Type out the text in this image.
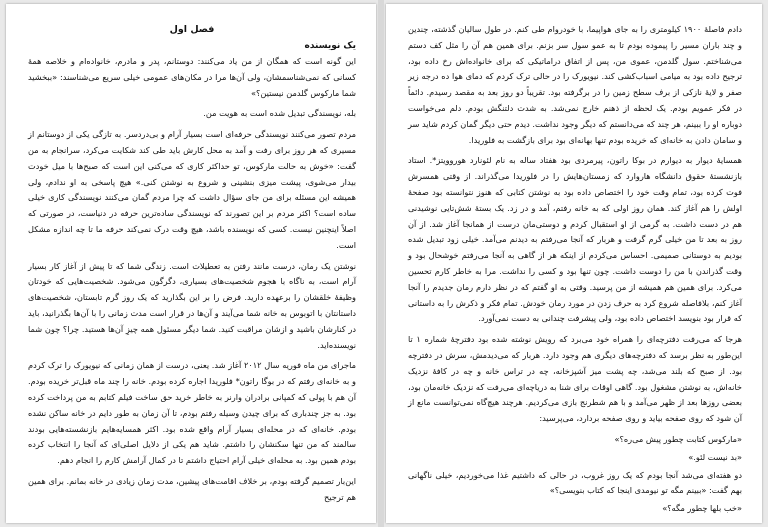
فصل اول
یک نویسنده

این گونه است که همگان از من یاد می‌کنند: دوستانم، پدر و مادرم، خانواده‌ام و خلاصه همهٔ کسانی که نمی‌شناسمشان، ولی آن‌ها مرا در مکان‌های عمومی خیلی سریع می‌شناسند: «ببخشید شما مارکوس گلدمن نیستین؟»

بله، نویسندگی تبدیل شده است به هویت من.

مردم تصور می‌کنند نویسندگی حرفه‌ای است بسیار آرام و بی‌دردسر. به تازگی یکی از دوستانم از مسیری که هر روز برای رفت و آمد به محل کارش باید طی کند شکایت می‌کرد، سرانجام به من گفت: «خوش به حالت مارکوس، تو حداکثر کاری که می‌کنی این است که صبح‌ها با میل خودت بیدار می‌شوی، پیشت میزی بنشینی و شروع به نوشتن کنی.» هیچ پاسخی به او ندادم، ولی همیشه این مسئله برای من جای سؤال داشت که چرا مردم گمان می‌کنند نویسندگی کاری خیلی ساده است؟ اکثر مردم بر این تصورند که نویسندگی ساده‌ترین حرفه در دنیاست، در صورتی که اصلاً اینچنین نیست. کسی که نویسنده باشد، هیچ وقت درک نمی‌کند حرفه ما تا چه اندازه مشکل است.

نوشتن یک رمان، درست مانند رفتن به تعطیلات است. زندگی شما که تا پیش از آغاز کار بسیار آرام است، به ناگاه با هجوم شخصیت‌های بسیاری، دگرگون می‌شود. شخصیت‌هایی که خودتان وظیفهٔ خلقشان را برعهده دارید. فرض را بر این بگذارید که یک روز گرم تابستان، شخصیت‌های داستانتان با اتوبوس به خانه شما می‌آیند و آن‌ها در قرار است مدت زمانی را با آن‌ها بگذرانید، باید در کنارشان باشید و ازشان مراقبت کنید. شما دیگر مسئول همه چیزِ آن‌ها هستید. چرا؟ چون شما نویسنده‌اید.

ماجرای من ماه فوریه سال ۲۰۱۲ آغاز شد. یعنی، درست از همان زمانی که نیویورک را ترک کردم و به خانه‌ای رفتم که در بوگا راتون* فلوریدا اجاره کرده بودم. خانه را چند ماه قبل‌تر خریده بودم. آن هم با پولی که کمپانی برادران وارنر به خاطر خرید حق ساخت فیلم کتابم به من پرداخت کرده بود. به جز چندباری که برای چیدن وسیله رفتم بودم، تا آن زمان به طور دایم در خانه ساکن نشده بودم. خانه‌ای که در محله‌ای بسیار آرام واقع شده بود. اکثر همسایه‌هایم بازنشسته‌هایی بودند سالمند که من تنها سکنشان را داشتم. شاید هم یکی از دلایل اصلی‌ای که آنجا را انتخاب کرده بودم همین بود. به محله‌ای خیلی آرام احتیاج داشتم تا در کمال آرامش کارم را انجام دهم.

این‌بار تصمیم گرفته بودم، بر خلاف اقامت‌های پیشین، مدت زمان زیادی در خانه بمانم. برای همین هم ترجیح

دادم فاصلهٔ ۱۹۰۰ کیلومتری را به جای هواپیما، با خودروام طی کنم. در طول سالیان گذشته، چندین و چند باران مسیر را پیموده بودم تا به عمو سول سر بزنم. برای همین هم آن را مثل کف دستم می‌شناختم. سول گلدمن، عموی من، پس از اتفاق دراماتیکی که برای خانواده‌اش رخ داده بود، ترجیح داده بود به میامی اسباب‌کشی کند. نیویورک را در حالی ترک کردم که دمای هوا ده درجه زیر صفر و لایهٔ نازکی از برف سطح زمین را در برگرفته بود. تقریباً دو روز بعد به مقصد رسیدم. دائماً در فکر عمویم بودم. یک لحظه از ذهنم خارج نمی‌شد. به شدت دلتنگش بودم. دلم می‌خواست دوباره او را ببینم، هر چند که می‌دانستم که دیگر وجود نداشت. دیدم حتی دیگر گمان کردم شاید سر و سامان دادن به خانه‌ای که خریده بودم تنها بهانه‌ای بود برای بازگشت به فلوریدا.

همسایهٔ دیوار به دیوارم در بوکا راتون، پیرمردی بود هفتاد ساله به نام لئونارد هوروویتز*. استاد بازنشستهٔ حقوق دانشگاه هاروارد که زمستان‌هایش را در فلوریدا می‌گذراند. از وقتی همسرش فوت کرده بود، تمام وقت خود را اختصاص داده بود به نوشتن کتابی که هنوز نتوانسته بود صفحهٔ اولش را هم آغاز کند. همان روز اولی که به خانه رفتم، آمد و در زد. یک بستهٔ شش‌تایی نوشیدنی هم در دست داشت. به گرمی از او استقبال کردم و دوستی‌مان درست از همانجا آغاز شد. از آن روز به بعد تا من خیلی گرم گرفت و هربار که آنجا می‌رفتم به دیدنم می‌آمد. خیلی زود تبدیل شده بودیم به دوستانی صمیمی. احساس می‌کردم از اینکه هر از گاهی به آنجا می‌رفتم خوشحال بود و وقت گذراندن با من را دوست داشت. چون تنها بود و کسی را نداشت. مرا به خاطر کارم تحسین می‌کرد. برای همین هم همیشه از من پرسید. وقتی به او گفتم که در نظر دارم رمان جدیدم را آنجا آغاز کنم، بلافاصله شروع کرد به حرف زدن در مورد رمان خودش. تمام فکر و ذکرش را به داستانی که قرار بود بنویسد اختصاص داده بود، ولی پیشرفت چندانی به دست نمی‌آورد.

هرجا که می‌رفت دفترچه‌ای را همراه خود می‌برد که رویش نوشته شده بود دفترچهٔ شماره ۱ تا این‌طور به نظر برسد که دفترچه‌های دیگری هم وجود دارد. هربار که می‌دیدمش، سرش در دفترچه بود. از صبح که بلند می‌شد، چه پشت میز آشپزخانه، چه در تراس خانه و چه در کافهٔ نزدیک خانه‌اش، به نوشتن مشغول بود. گاهی اوقات برای شنا به دریاچه‌ای می‌رفت که نزدیک خانه‌مان بود، بعضی روزها بعد از ظهر می‌آمد و با هم شطرنج بازی می‌کردیم. هرچند هیچ‌گاه نمی‌توانست مانع از آن شود که روی صفحه بیاید و روی صفحه بردارد، می‌پرسید:

«مارکوس کتابت چطور پیش می‌ره؟»

«بد نیست لئو.»

دو هفته‌ای می‌شد آنجا بودم که یک روز غروب، در حالی که داشتیم غذا می‌خوردیم، خیلی ناگهانی بهم گفت: «ببینم مگه تو نیومدی اینجا که کتاب بنویسی؟»

«خب بلها چطور مگه؟»
